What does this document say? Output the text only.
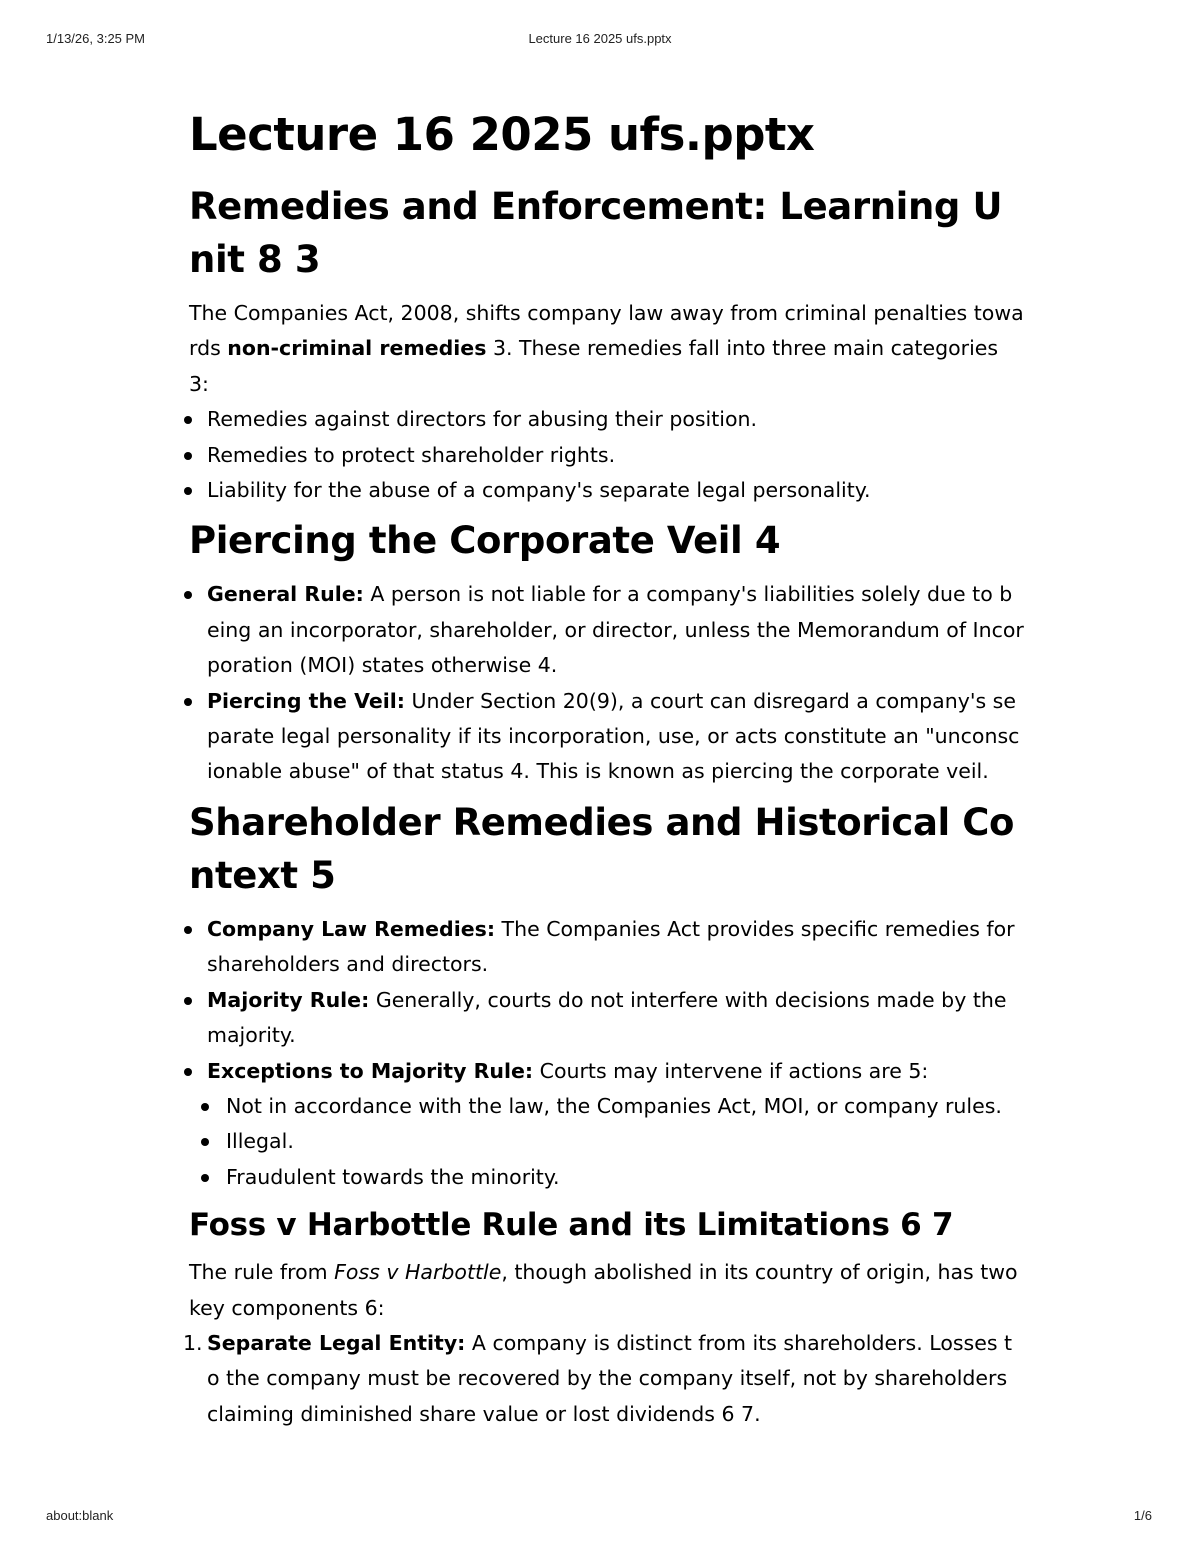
1/13/26, 3:25 PM	Lecture 16 2025 ufs.pptx
Lecture 16 2025 ufs.pptx
Remedies and Enforcement: Learning Unit 8 3

The Companies Act, 2008, shifts company law away from criminal penalties towards non-criminal remedies 3. These remedies fall into three main categories 3:

Remedies against directors for abusing their position.
Remedies to protect shareholder rights.
Liability for the abuse of a company's separate legal personality.
Piercing the Corporate Veil 4
General Rule: A person is not liable for a company's liabilities solely due to being an incorporator, shareholder, or director, unless the Memorandum of Incorporation (MOI) states otherwise 4.
Piercing the Veil: Under Section 20(9), a court can disregard a company's separate legal personality if its incorporation, use, or acts constitute an "unconscionable abuse" of that status 4. This is known as piercing the corporate veil.
Shareholder Remedies and Historical Context 5
Company Law Remedies: The Companies Act provides specific remedies for shareholders and directors.
Majority Rule: Generally, courts do not interfere with decisions made by the majority.
Exceptions to Majority Rule: Courts may intervene if actions are 5:
Not in accordance with the law, the Companies Act, MOI, or company rules.
Illegal.
Fraudulent towards the minority.
Foss v Harbottle Rule and its Limitations 6 7

The rule from Foss v Harbottle, though abolished in its country of origin, has two key components 6:

1 . Separate Legal Entity: A company is distinct from its shareholders. Losses to the company must be recovered by the company itself, not by shareholders claiming diminished share value or lost dividends 6 7.
about:blank	1/6
